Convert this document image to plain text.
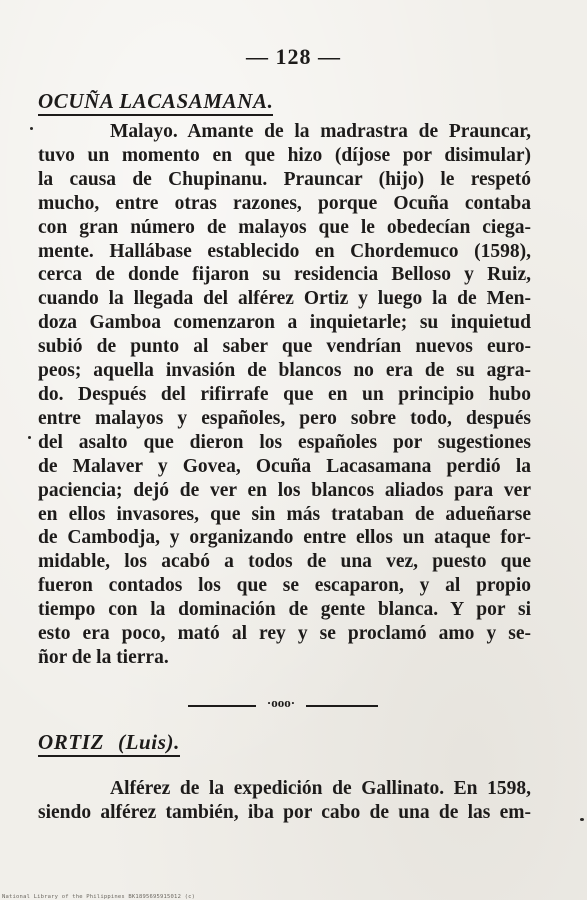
— 128 —
OCUÑA LACASAMANA.
Malayo. Amante de la madrastra de Prauncar,
tuvo un momento en que hizo (díjose por disimular)
la causa de Chupinanu. Prauncar (hijo) le respetó
mucho, entre otras razones, porque Ocuña contaba
con gran número de malayos que le obedecían ciega-
mente. Hallábase establecido en Chordemuco (1598),
cerca de donde fijaron su residencia Belloso y Ruiz,
cuando la llegada del alférez Ortiz y luego la de Men-
doza Gamboa comenzaron a inquietarle; su inquietud
subió de punto al saber que vendrían nuevos euro-
peos; aquella invasión de blancos no era de su agra-
do. Después del rifirrafe que en un principio hubo
entre malayos y españoles, pero sobre todo, después
del asalto que dieron los españoles por sugestiones
de Malaver y Govea, Ocuña Lacasamana perdió la
paciencia; dejó de ver en los blancos aliados para ver
en ellos invasores, que sin más trataban de adueñarse
de Cambodja, y organizando entre ellos un ataque for-
midable, los acabó a todos de una vez, puesto que
fueron contados los que se escaparon, y al propio
tiempo con la dominación de gente blanca. Y por si
esto era poco, mató al rey y se proclamó amo y se-
ñor de la tierra.
·ooo·
ORTIZ (Luis).
Alférez de la expedición de Gallinato. En 1598,
siendo alférez también, iba por cabo de una de las em-
National Library of the Philippines BK1895695915012 (c)
